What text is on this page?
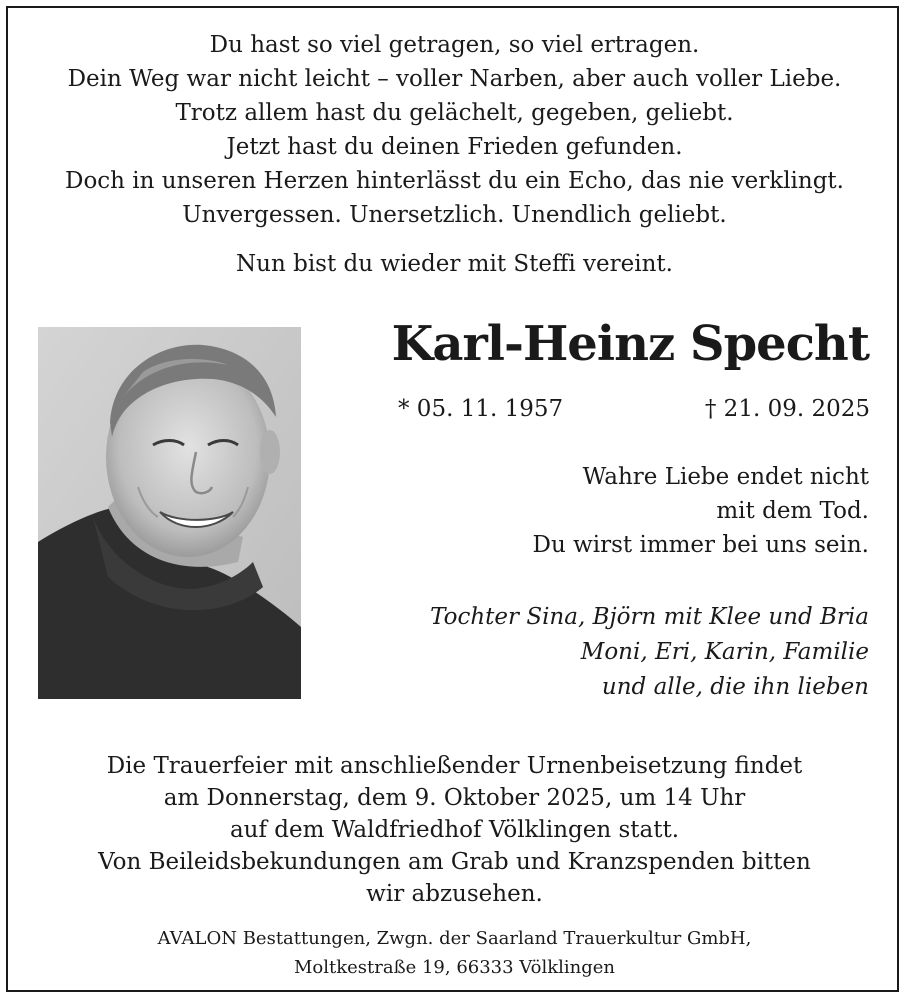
Du hast so viel getragen, so viel ertragen.
Dein Weg war nicht leicht – voller Narben, aber auch voller Liebe.
Trotz allem hast du gelächelt, gegeben, geliebt.
Jetzt hast du deinen Frieden gefunden.
Doch in unseren Herzen hinterlässt du ein Echo, das nie verklingt.
Unvergessen. Unersetzlich. Unendlich geliebt.
Nun bist du wieder mit Steffi vereint.
Karl-Heinz Specht
* 05. 11. 1957	† 21. 09. 2025
Wahre Liebe endet nicht
mit dem Tod.
Du wirst immer bei uns sein.
Tochter Sina, Björn mit Klee und Bria
Moni, Eri, Karin, Familie
und alle, die ihn lieben
Die Trauerfeier mit anschließender Urnenbeisetzung findet
am Donnerstag, dem 9. Oktober 2025, um 14 Uhr
auf dem Waldfriedhof Völklingen statt.
Von Beileidsbekundungen am Grab und Kranzspenden bitten
wir abzusehen.
AVALON Bestattungen, Zwgn. der Saarland Trauerkultur GmbH,
Moltkestraße 19, 66333 Völklingen
